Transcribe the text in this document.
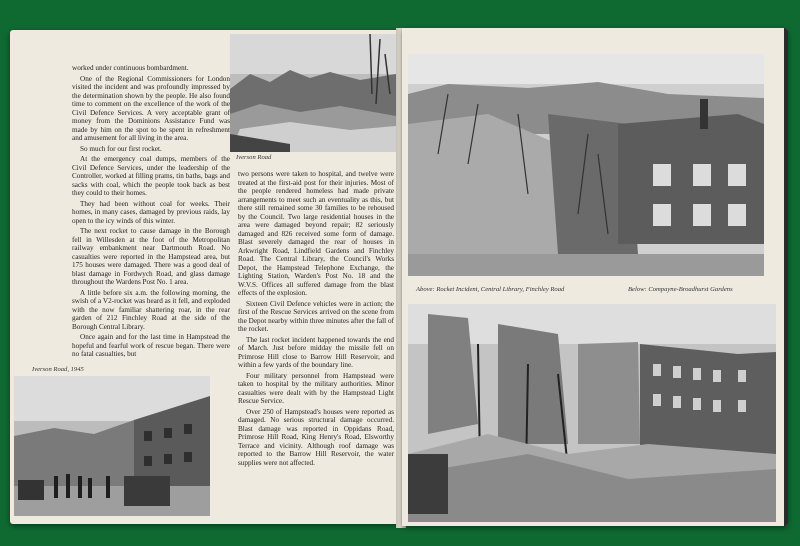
worked under continuous bombardment.

One of the Regional Commissioners for London visited the incident and was profoundly impressed by the determination shown by the people. He also found time to comment on the excellence of the work of the Civil Defence Services. A very acceptable grant of money from the Dominions Assistance Fund was made by him on the spot to be spent in refreshment and amusement for all living in the area.

So much for our first rocket.

At the emergency coal dumps, members of the Civil Defence Services, under the leadership of the Controller, worked at filling prams, tin baths, bags and sacks with coal, which the people took back as best they could to their homes.

They had been without coal for weeks. Their homes, in many cases, damaged by previous raids, lay open to the icy winds of this winter.

The next rocket to cause damage in the Borough fell in Willesden at the foot of the Metropolitan railway embankment near Dartmouth Road. No casualties were reported in the Hampstead area, but 175 houses were damaged. There was a good deal of blast damage in Fordwych Road, and glass damage throughout the Wardens Post No. 1 area.

A little before six a.m. the following morning, the swish of a V2-rocket was heard as it fell, and exploded with the now familiar shattering roar, in the rear garden of 212 Finchley Road at the side of the Borough Central Library.

Once again and for the last time in Hampstead the hopeful and fearful work of rescue began. There were no fatal casualties, but

Iverson Road

two persons were taken to hospital, and twelve were treated at the first-aid post for their injuries. Most of the people rendered homeless had made private arrangements to meet such an eventuality as this, but there still remained some 30 families to be rehoused by the Council. Two large residential houses in the area were damaged beyond repair; 82 seriously damaged and 826 received some form of damage. Blast severely damaged the rear of houses in Arkwright Road, Lindfield Gardens and Finchley Road. The Central Library, the Council's Works Depot, the Hampstead Telephone Exchange, the Lighting Station, Warden's Post No. 18 and the W.V.S. Offices all suffered damage from the blast effects of the explosion.

Sixteen Civil Defence vehicles were in action; the first of the Rescue Services arrived on the scene from the Depot nearby within three minutes after the fall of the rocket.

The last rocket incident happened towards the end of March. Just before midday the missile fell on Primrose Hill close to Barrow Hill Reservoir, and within a few yards of the boundary line.

Four military personnel from Hampstead were taken to hospital by the military authorities. Minor casualties were dealt with by the Hampstead Light Rescue Service.

Over 250 of Hampstead's houses were reported as damaged. No serious structural damage occurred. Blast damage was reported in Oppidans Road, Primrose Hill Road, King Henry's Road, Elsworthy Terrace and vicinity. Although roof damage was reported to the Barrow Hill Reservoir, the water supplies were not affected.

Iverson Road, 1945
Above: Rocket Incident, Central Library, Finchley Road	Below: Compayne-Broadhurst Gardens
